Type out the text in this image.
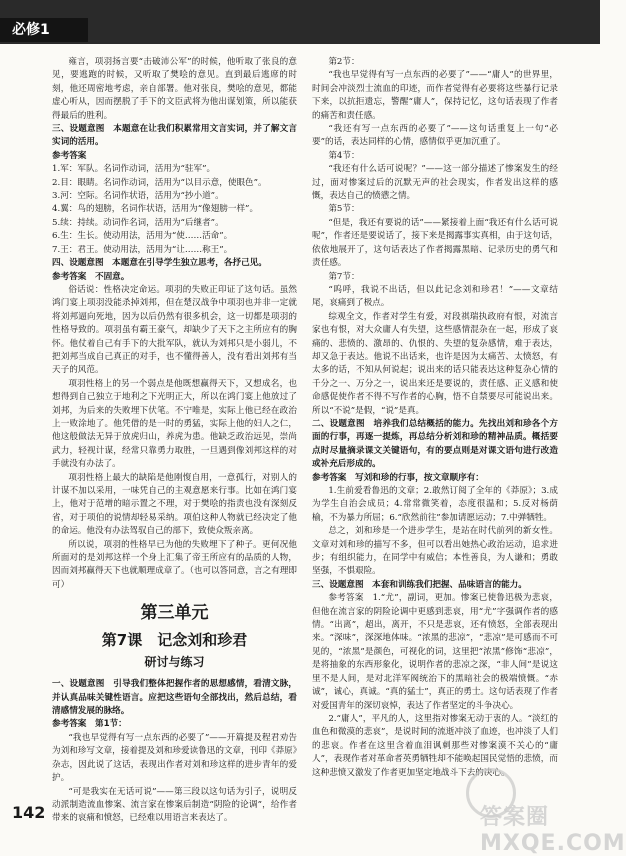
必修1

雍言，项羽扬言要“击破沛公军”的时候，他听取了张良的意见，要逃跑的时候，又听取了樊哙的意见。直到最后逃席的时刻，他还周密地考虑，亲自部署。他对张良，樊哙的意见，都能虚心听从，因而摆脱了手下的文臣武将为他出谋划策，所以能获得最后的胜利。

三、设题意图　本题意在让我们积累常用文言实词，并了解文言实词的活用。

参考答案

1.军：军队。名词作动词，活用为“驻军”。

2.目：眼睛。名词作动词，活用为“以目示意，使眼色”。

3.河：空际。名词作状语，活用为“抄小道”。

4.翼：鸟的翅膀，名词作状语，活用为“像翅膀一样”。

5.续：持续。动词作名词，活用为“后继者”。

6.生：生长。使动用法，活用为“使……活命”。

7.王：君王。使动用法，活用为“让……称王”。

四、设题意图　本题意在引导学生独立思考，各抒己见。

参考答案　不固意。

俗话说：性格决定命运。项羽的失败正印证了这句话。虽然鸿门宴上项羽没能杀掉刘邦，但在楚汉战争中项羽也并非一定就将刘邦逼向死地，因为以后仍然有很多机会，这一切都是项羽的性格导致的。项羽虽有霸王豪气，却缺少了天下之主所应有的胸怀。他仗着自己有手下的大批军队，就认为刘邦只是小弱儿，不把刘邦当成自己真正的对手，也不懂得善人，没有看出刘邦有当天子的风范。

项羽性格上的另一个弱点是他既想赢得天下，又想成名，也想得到自己独立于地利之下光明正大，所以在鸿门宴上他放过了刘邦，为后来的失败埋下伏笔。不宁唯是，实际上他已经在政治上一败涂地了。他凭借的是一时的勇猛，实际上他的妇人之仁，他这般做法无异于放虎归山，养虎为患。他缺乏政治远见，崇尚武力，轻视计谋，经常只靠勇力取胜，一旦遇到像刘邦这样的对手就没有办法了。

项羽性格上最大的缺陷是他刚愎自用，一意孤行，对别人的计谋不加以采用，一味凭自己的主观意愿来行事。比如在鸿门宴上，他对于范增的暗示置之不理，对于樊哙的指责也没有深刻反省，对于项伯的说情却轻易采纳。项伯这种人物就已经决定了他的命运。他没有办法驾驭自己的部下，致使众叛亲离。

所以说，项羽的性格早已为他的失败埋下了种子。更何况他所面对的是刘邦这样一个身上汇集了帝王所应有的品质的人物，因而刘邦赢得天下也就顺理成章了。（也可以答同意，言之有理即可）

第三单元
第7课　记念刘和珍君
研讨与练习

一、设题意图　引导我们整体把握作者的思想感情，看清文脉，并认真品味关键性语言。应把这些语句全部找出，然后总结，看清感情发展的脉络。

参考答案　第1节：

“我也早觉得有写一点东西的必要了”——开篇提及程君劝告为刘和珍写文章，接着提及刘和珍爱读鲁迅的文章，刊印《莽原》杂志，因此说了这话，表现出作者对刘和珍这样的进步青年的爱护。

“可是我实在无话可说”——第三段以这句话为引子，说明反动派制造流血惨案、流言家在惨案后制造“阴险的论调”，给作者带来的哀痛和愤怒，已经难以用语言来表达了。

第2节：

“我也早觉得有写一点东西的必要了”——“庸人”的世界里，时间会冲淡烈士流血的印迹，而作者觉得有必要将这些暴行记录下来，以抗拒遗忘，警醒“庸人”，保持记忆，这句话表现了作者的痛苦和责任感。

“我还有写一点东西的必要了”——这句话重复上一句“必要”的话，表达同样的心情，感情似乎更加沉重了。

第4节：

“我还有什么话可说呢？”——这一部分描述了惨案发生的经过，面对惨案过后的沉默无声的社会现实，作者发出这样的感慨，表达自己的愤懑之情。

第5节：

“但是，我还有要说的话”——紧接着上面“我还有什么话可说呢”，作者还是要说话了，接下来是揭露事实真相，由于这句话，依依地展开了，这句话表达了作者揭露黑暗、记录历史的勇气和责任感。

第7节：

“呜呼，我说不出话，但以此记念刘和珍君！”——文章结尾，哀痛到了极点。

综观全文，作者对学生有爱，对段祺瑞执政府有恨，对流言家也有恨，对大众庸人有失望，这些感情混杂在一起，形成了哀痛的、悲愤的、激昂的、仇恨的、失望的复杂感情，难于表达，却又急于表达。他说不出话来，也许是因为太痛苦、太愤怒，有太多的话，不知从何说起；说出来的话只能表达这种复杂心情的千分之一、万分之一，说出来还是要说的，责任感、正义感和使命感促使作者不得不写作者的心胸，悟不自禁要尽可能说出来。所以“不说”是假，“说”是真。

二、设题意图　培养我们总结概括的能力。先找出刘和珍各个方面的行事，再逐一提炼，再总结分析刘和珍的精神品质。概括要点时尽量摘录课文关键语句，有的要点则是对课文语句进行改造或补充后形成的。

参考答案　写刘和珍的行事，按文章顺序有：

1.生前爱看鲁迅的文章；2.敢然订阅了全年的《莽原》；3.成为学生自治会成员；4.常常微笑着，态度很温和；5.反对杨荫榆，不为暴力所屈；6.“欣然前往”参加请愿运动；7.中弹牺牲。

总之，刘和珍是一个进步学生，是站在时代前列的新女性。文章对刘和珍的描写不多，但可以看出她热心政治运动，追求进步；有组织能力，在同学中有威信；本性善良，为人谦和；勇敢坚强，不惧艰险。

三、设题意图　本套和训练我们把握、品味语言的能力。

参考答案　1.“尤”，副词，更加。惨案已使鲁迅极为悲哀，但他在流言家的阴险论调中更感到悲哀，用“尤”字强调作者的感情。“出离”，超出，离开，不只是悲哀，还有愤怒，全部表现出来。“深味”，深深地体味。“浓黑的悲凉”，“悲凉”是可感而不可见的，“浓黑”是颜色，可视化的词，这里把“浓黑”修饰“悲凉”，是将抽象的东西形象化，说明作者的悲凉之深，“非人间”是说这里不是人间，是对北洋军阀统治下的黑暗社会的极端愤慨。“赤诚”，诚心，真诚。“真的猛士”，真正的勇士。这句话表现了作者对爱国青年的深切哀悼，表达了作者坚定的斗争决心。

2.“庸人”，平凡的人，这里指对惨案无动于衷的人。“淡红的血色和微漠的悲哀”，是说时间的流逝冲淡了血迹，也冲淡了人们的悲哀。作者在这里含着血泪讽刺那些对惨案漠不关心的“庸人”，表现作者对革命者英勇牺牲却不能唤起国民觉悟的悲愤，而这种悲愤又激发了作者更加坚定地战斗下去的决心。

142	答案圈 MXQE.COM
